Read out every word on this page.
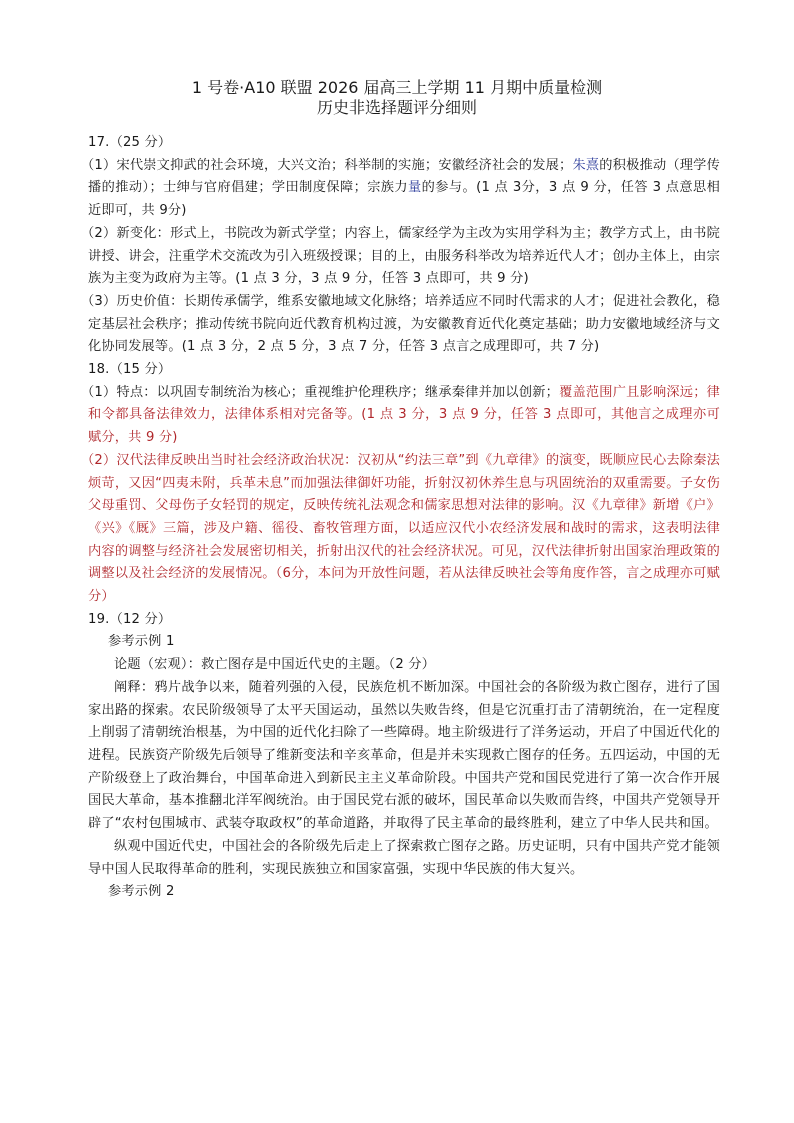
1 号卷·A10 联盟 2026 届高三上学期 11 月期中质量检测
历史非选择题评分细则

17.（25 分）

（1）宋代崇文抑武的社会环境，大兴文治；科举制的实施；安徽经济社会的发展；朱熹的积极推动（理学传播的推动）；士绅与官府倡建；学田制度保障；宗族力量的参与。(1 点 3分，3 点 9 分，任答 3 点意思相近即可，共 9分)

（2）新变化：形式上，书院改为新式学堂；内容上，儒家经学为主改为实用学科为主；教学方式上，由书院讲授、讲会，注重学术交流改为引入班级授课；目的上，由服务科举改为培养近代人才；创办主体上，由宗族为主变为政府为主等。(1 点 3 分，3 点 9 分，任答 3 点即可，共 9 分)

（3）历史价值：长期传承儒学，维系安徽地域文化脉络；培养适应不同时代需求的人才；促进社会教化，稳定基层社会秩序；推动传统书院向近代教育机构过渡，为安徽教育近代化奠定基础；助力安徽地域经济与文化协同发展等。(1 点 3 分，2 点 5 分，3 点 7 分，任答 3 点言之成理即可，共 7 分)

18.（15 分）

（1）特点：以巩固专制统治为核心；重视维护伦理秩序；继承秦律并加以创新；覆盖范围广且影响深远；律和令都具备法律效力，法律体系相对完备等。(1 点 3 分，3 点 9 分，任答 3 点即可，其他言之成理亦可赋分，共 9 分)

（2）汉代法律反映出当时社会经济政治状况：汉初从“约法三章”到《九章律》的演变，既顺应民心去除秦法烦苛，又因“四夷未附，兵革未息”而加强法律御奸功能，折射汉初休养生息与巩固统治的双重需要。子女伤父母重罚、父母伤子女轻罚的规定，反映传统礼法观念和儒家思想对法律的影响。汉《九章律》新增《户》《兴》《厩》三篇，涉及户籍、徭役、畜牧管理方面，以适应汉代小农经济发展和战时的需求，这表明法律内容的调整与经济社会发展密切相关，折射出汉代的社会经济状况。可见，汉代法律折射出国家治理政策的调整以及社会经济的发展情况。（6分，本问为开放性问题，若从法律反映社会等角度作答，言之成理亦可赋分）

19.（12 分）

参考示例 1

论题（宏观）：救亡图存是中国近代史的主题。（2 分）

阐释：鸦片战争以来，随着列强的入侵，民族危机不断加深。中国社会的各阶级为救亡图存，进行了国家出路的探索。农民阶级领导了太平天国运动，虽然以失败告终，但是它沉重打击了清朝统治，在一定程度上削弱了清朝统治根基，为中国的近代化扫除了一些障碍。地主阶级进行了洋务运动，开启了中国近代化的进程。民族资产阶级先后领导了维新变法和辛亥革命，但是并未实现救亡图存的任务。五四运动，中国的无产阶级登上了政治舞台，中国革命进入到新民主主义革命阶段。中国共产党和国民党进行了第一次合作开展国民大革命，基本推翻北洋军阀统治。由于国民党右派的破坏，国民革命以失败而告终，中国共产党领导开辟了“农村包围城市、武装夺取政权”的革命道路，并取得了民主革命的最终胜利，建立了中华人民共和国。

纵观中国近代史，中国社会的各阶级先后走上了探索救亡图存之路。历史证明，只有中国共产党才能领导中国人民取得革命的胜利，实现民族独立和国家富强，实现中华民族的伟大复兴。

参考示例 2
